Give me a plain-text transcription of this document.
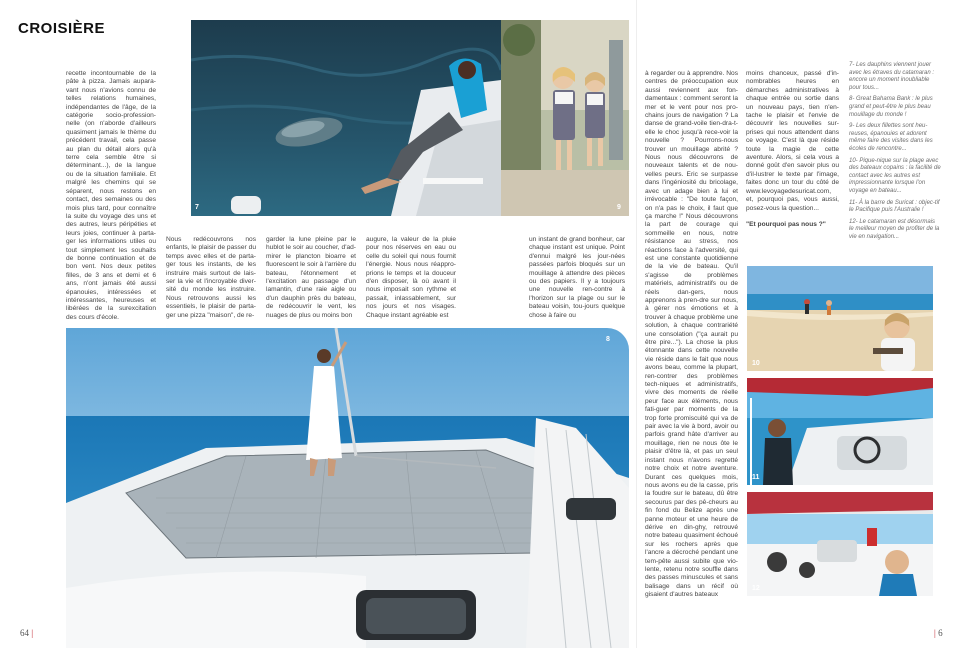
CROISIÈRE
7	9

recette incontournable de la pâte à pizza. Jamais aupara-vant nous n'avions connu de telles relations humaines, indépendantes de l'âge, de la catégorie socio-profession-nelle (on n'aborde d'ailleurs quasiment jamais le thème du précédent travail, cela passe au plan du détail alors qu'à terre cela semble être si déterminant...), de la langue ou de la situation familiale. Et malgré les chemins qui se séparent, nous restons en contact, des semaines ou des mois plus tard, pour connaître la suite du voyage des uns et des autres, leurs péripéties et leurs joies, continuer à parta-ger les informations utiles ou tout simplement les souhaits de bonne continuation et de bon vent. Nos deux petites filles, de 3 ans et demi et 6 ans, n'ont jamais été aussi épanouies, intéressées et intéressantes, heureuses et libérées de la surexcitation des cours d'école.

Nous redécouvrons nos enfants, le plaisir de passer du temps avec elles et de parta-ger tous les instants, de les instruire mais surtout de lais-ser la vie et l'incroyable diver-sité du monde les instruire. Nous retrouvons aussi les essentiels, le plaisir de parta-ger une pizza "maison", de re-

garder la lune pleine par le hublot le soir au coucher, d'ad-mirer le plancton bioarre et fluorescent le soir à l'arrière du bateau, l'étonnement et l'excitation au passage d'un lamantin, d'une raie aigle ou d'un dauphin près du bateau, de redécouvrir le vent, les nuages de plus ou moins bon

augure, la valeur de la pluie pour nos réserves en eau ou celle du soleil qui nous fournit l'énergie. Nous nous réappro-prions le temps et la douceur d'en disposer, là où avant il nous imposait son rythme et passait, inlassablement, sur nos jours et nos visages. Chaque instant agréable est

un instant de grand bonheur, car chaque instant est unique. Point d'ennui malgré les jour-nées passées parfois bloqués sur un mouillage à attendre des pièces ou des papiers. Il y a toujours une nouvelle ren-contre à l'horizon sur la plage ou sur le bateau voisin, tou-jours quelque chose à faire ou

à regarder ou à apprendre. Nos centres de préoccupation eux aussi reviennent aux fon-damentaux : comment seront la mer et le vent pour nos pro-chains jours de navigation ? La danse de grand-voile tien-dra-t-elle le choc jusqu'à rece-voir la nouvelle ? Pourrons-nous trouver un mouillage abrité ? Nous nous découvrons de nouveaux talents et de nou-velles peurs. Eric se surpasse dans l'ingéniosité du bricolage, avec un adage bien à lui et irrévocable : "De toute façon, on n'a pas le choix, il faut que ça marche !" Nous découvrons la part de courage qui sommeille en nous, notre résistance au stress, nos réactions face à l'adversité, qui est une constante quotidienne de la vie de bateau. Qu'il s'agisse de problèmes matériels, administratifs ou de réels dan-gers, nous apprenons à pren-dre sur nous, à gérer nos émotions et à trouver à chaque problème une solution, à chaque contrariété une consolation ("ça aurait pu être pire..."). La chose la plus étonnante dans cette nouvelle vie réside dans le fait que nous avons beau, comme la plupart, ren-contrer des problèmes tech-niques et administratifs, vivre des moments de réelle peur face aux éléments, nous fati-guer par moments de la trop forte promiscuité qui va de pair avec la vie à bord, avoir ou parfois grand hâte d'arriver au mouillage, rien ne nous ôte le plaisir d'être là, et pas un seul instant nous n'avons regretté notre choix et notre aventure. Durant ces quelques mois, nous avons eu de la casse, pris la foudre sur le bateau, dû être secourus par des pê-cheurs au fin fond du Belize après une panne moteur et une heure de dérive en din-ghy, retrouvé notre bateau quasiment échoué sur les rochers après que l'ancre a décroché pendant une tem-pête aussi subite que vio-lente, retenu notre souffle dans des passes minuscules et sans balisage dans un récif où gisaient d'autres bateaux

moins chanceux, passé d'in-nombrables heures en démarches administratives à chaque entrée ou sortie dans un nouveau pays, tien n'en-tache le plaisir et l'envie de découvrir les nouvelles sur-prises qui nous attendent dans ce voyage. C'est là que réside toute la magie de cette aventure. Alors, si cela vous a donné goût d'en savoir plus ou d'il-lustrer le texte par l'image, faites donc un tour du côté de www.levoyagedesuricat.com, et, pourquoi pas, vous aussi, posez-vous la question...

"Et pourquoi pas nous ?"

7- Les dauphins viennent jouer avec les étraves du catamaran : encore un moment inoubliable pour tous...

8- Great Bahama Bank : le plus grand et peut-être le plus beau mouillage du monde !

9- Les deux fillettes sont heu-reuses, épanouies et adorent même faire des visites dans les écoles de rencontre...

10- Pique-nique sur la plage avec des bateaux copains : la facilité de contact avec les autres est impressionnante lorsque l'on voyage en bateau...

11- À la barre de Suricat : objec-tif le Pacifique puis l'Australie !

12- Le catamaran est désormais le meilleur moyen de profiter de la vie en navigation...

8
10
11
12
64 |	| 6
